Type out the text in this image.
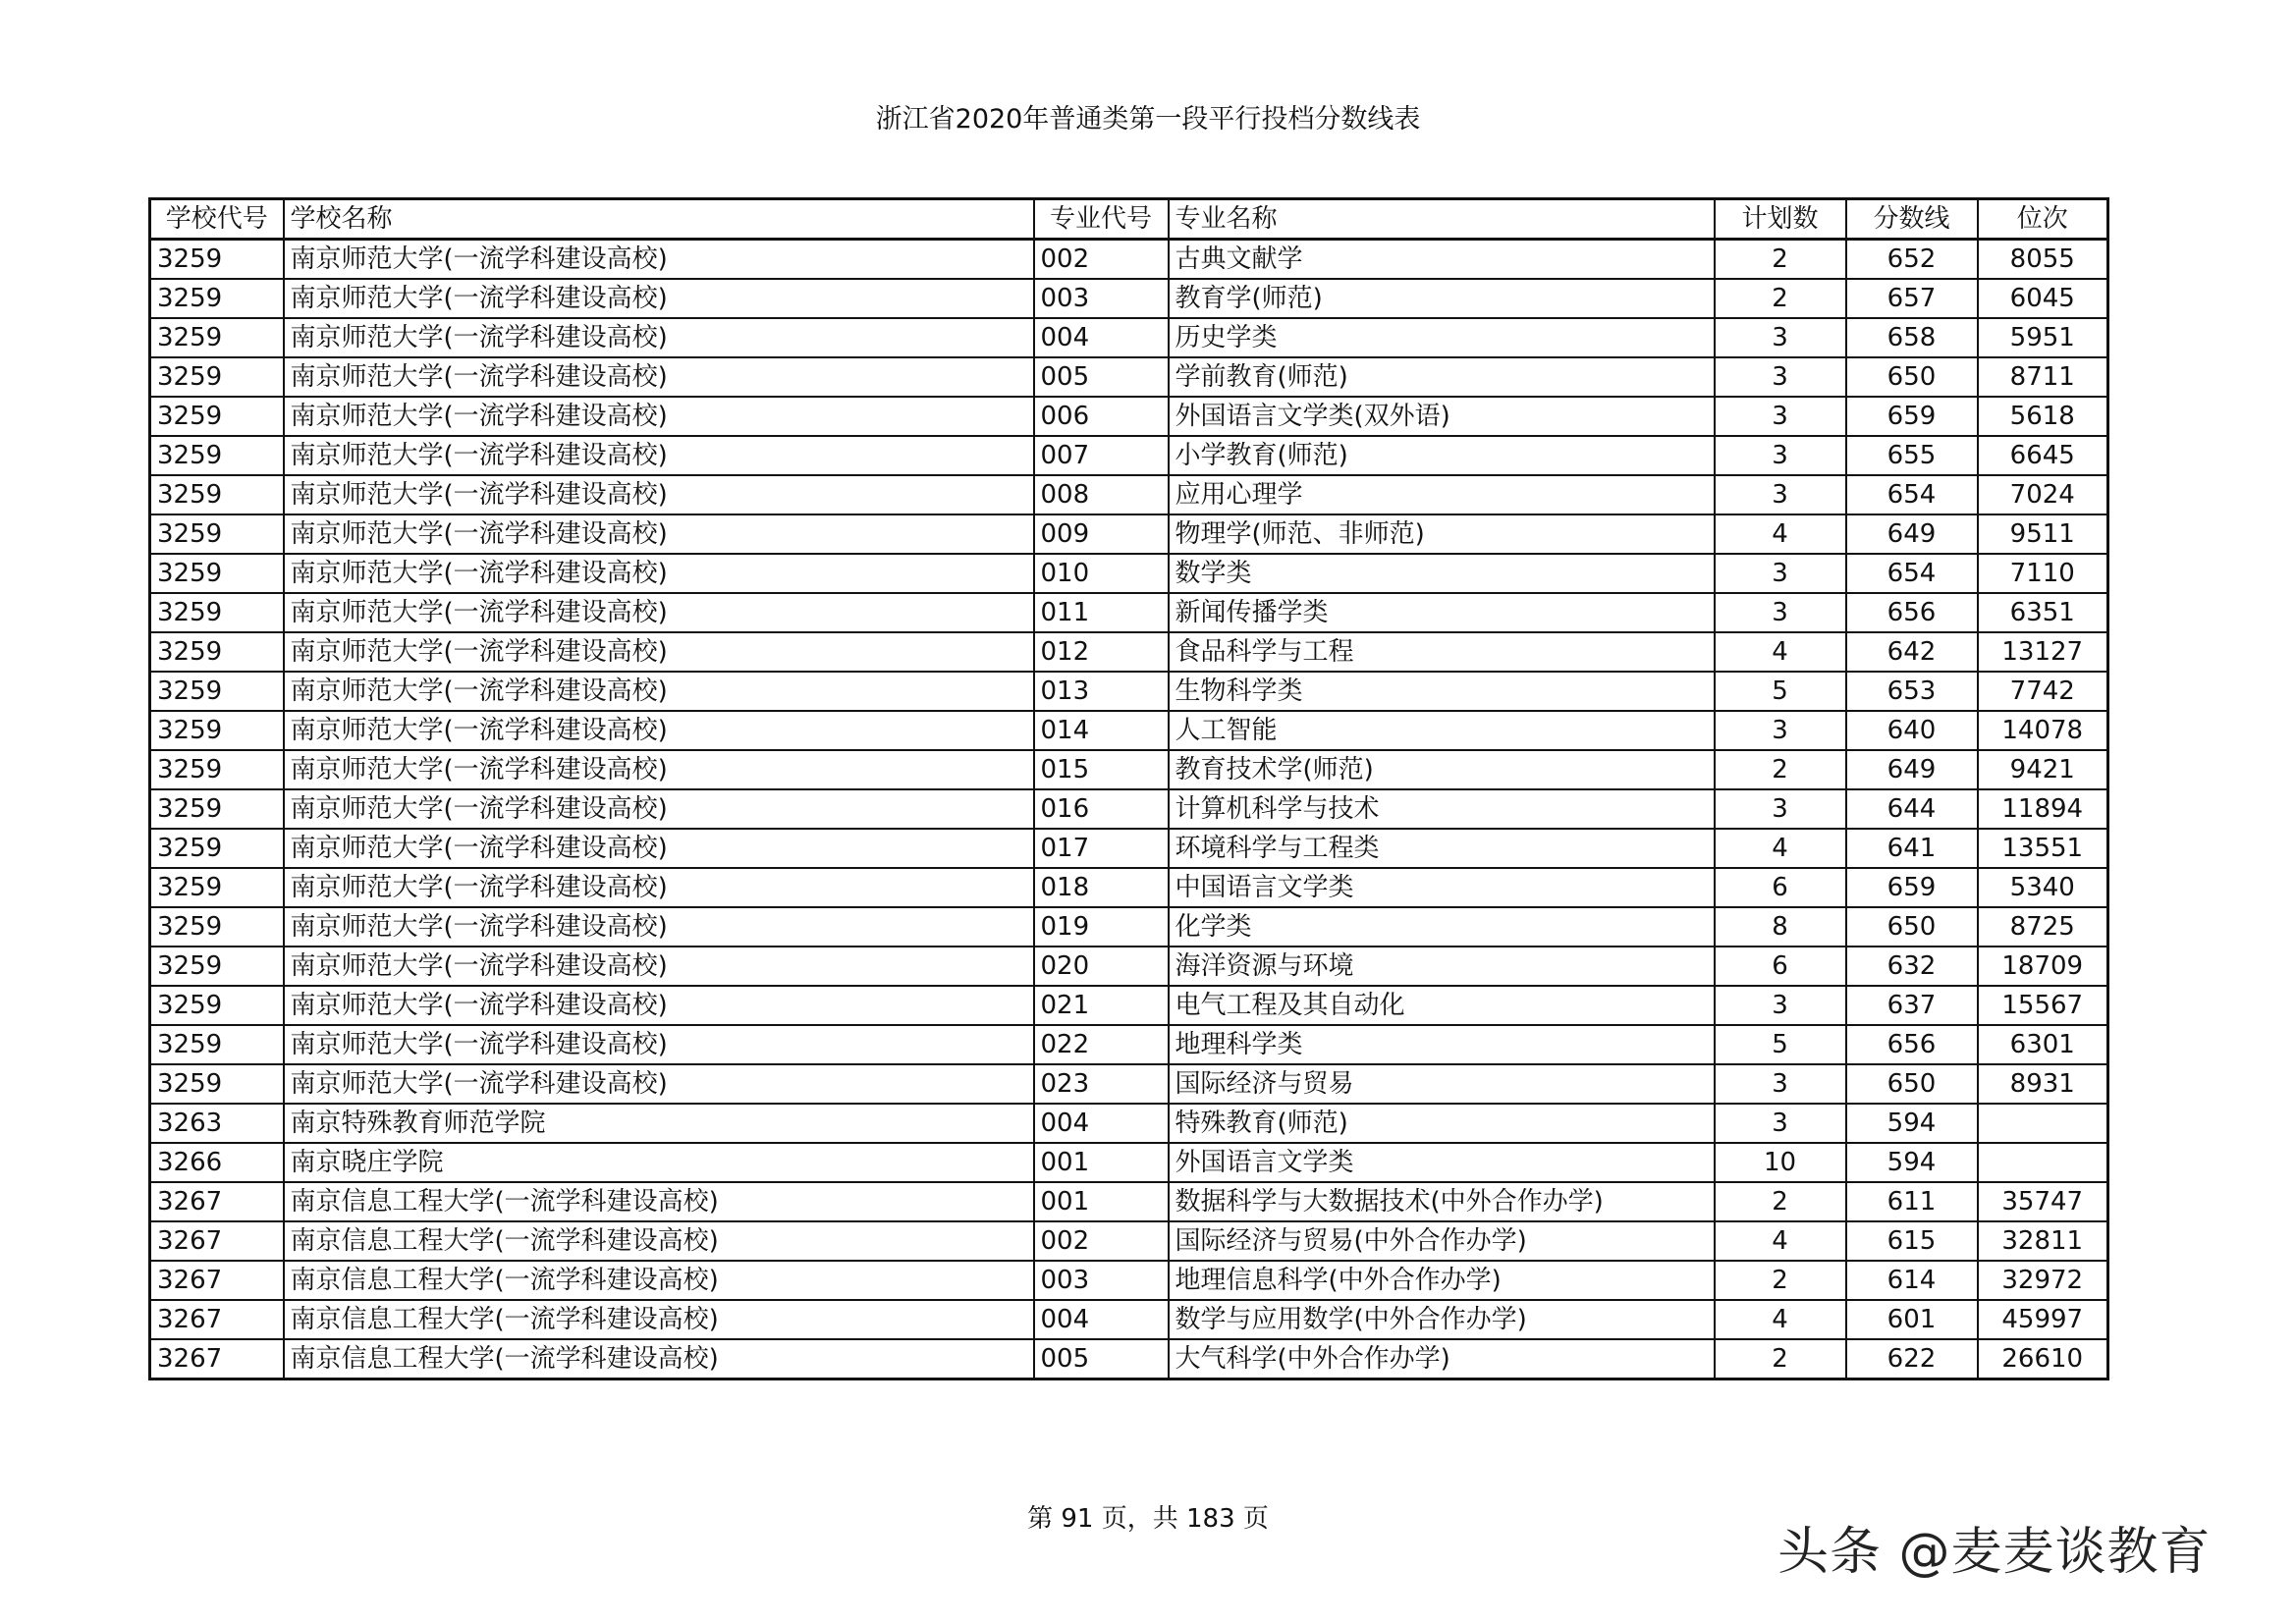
浙江省2020年普通类第一段平行投档分数线表
学校代号	学校名称	专业代号	专业名称	计划数	分数线	位次
3259	南京师范大学(一流学科建设高校)	002	古典文献学	2	652	8055
3259	南京师范大学(一流学科建设高校)	003	教育学(师范)	2	657	6045
3259	南京师范大学(一流学科建设高校)	004	历史学类	3	658	5951
3259	南京师范大学(一流学科建设高校)	005	学前教育(师范)	3	650	8711
3259	南京师范大学(一流学科建设高校)	006	外国语言文学类(双外语)	3	659	5618
3259	南京师范大学(一流学科建设高校)	007	小学教育(师范)	3	655	6645
3259	南京师范大学(一流学科建设高校)	008	应用心理学	3	654	7024
3259	南京师范大学(一流学科建设高校)	009	物理学(师范、非师范)	4	649	9511
3259	南京师范大学(一流学科建设高校)	010	数学类	3	654	7110
3259	南京师范大学(一流学科建设高校)	011	新闻传播学类	3	656	6351
3259	南京师范大学(一流学科建设高校)	012	食品科学与工程	4	642	13127
3259	南京师范大学(一流学科建设高校)	013	生物科学类	5	653	7742
3259	南京师范大学(一流学科建设高校)	014	人工智能	3	640	14078
3259	南京师范大学(一流学科建设高校)	015	教育技术学(师范)	2	649	9421
3259	南京师范大学(一流学科建设高校)	016	计算机科学与技术	3	644	11894
3259	南京师范大学(一流学科建设高校)	017	环境科学与工程类	4	641	13551
3259	南京师范大学(一流学科建设高校)	018	中国语言文学类	6	659	5340
3259	南京师范大学(一流学科建设高校)	019	化学类	8	650	8725
3259	南京师范大学(一流学科建设高校)	020	海洋资源与环境	6	632	18709
3259	南京师范大学(一流学科建设高校)	021	电气工程及其自动化	3	637	15567
3259	南京师范大学(一流学科建设高校)	022	地理科学类	5	656	6301
3259	南京师范大学(一流学科建设高校)	023	国际经济与贸易	3	650	8931
3263	南京特殊教育师范学院	004	特殊教育(师范)	3	594	
3266	南京晓庄学院	001	外国语言文学类	10	594	
3267	南京信息工程大学(一流学科建设高校)	001	数据科学与大数据技术(中外合作办学)	2	611	35747
3267	南京信息工程大学(一流学科建设高校)	002	国际经济与贸易(中外合作办学)	4	615	32811
3267	南京信息工程大学(一流学科建设高校)	003	地理信息科学(中外合作办学)	2	614	32972
3267	南京信息工程大学(一流学科建设高校)	004	数学与应用数学(中外合作办学)	4	601	45997
3267	南京信息工程大学(一流学科建设高校)	005	大气科学(中外合作办学)	2	622	26610
第 91 页，共 183 页
头条 @麦麦谈教育
